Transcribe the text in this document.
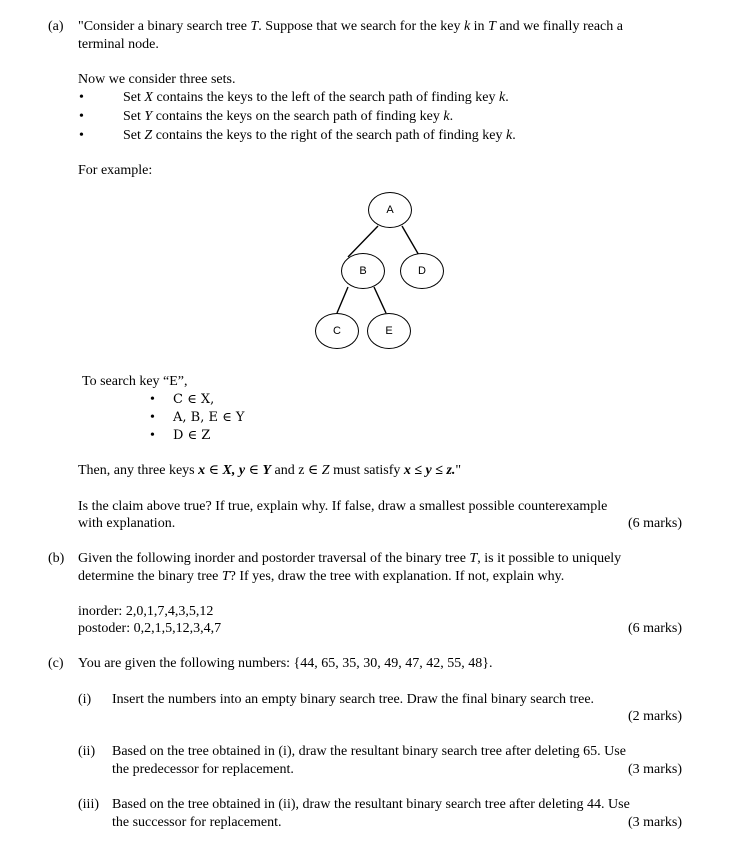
(a) "Consider a binary search tree T. Suppose that we search for the key k in T and we finally reach a
terminal node.
Now we consider three sets.
•	Set X contains the keys to the left of the search path of finding key k.
•	Set Y contains the keys on the search path of finding key k.
•	Set Z contains the keys to the right of the search path of finding key k.
For example:
A
B	D
C	E
To search key “E”,
• C ∈ X,
• A, B, E ∈ Y
• D ∈ Z
Then, any three keys x ∈ X, y ∈ Y and z ∈ Z must satisfy x ≤ y ≤ z."
Is the claim above true? If true, explain why. If false, draw a smallest possible counterexample
with explanation.	(6 marks)
(b) Given the following inorder and postorder traversal of the binary tree T, is it possible to uniquely
determine the binary tree T? If yes, draw the tree with explanation. If not, explain why.
inorder: 2,0,1,7,4,3,5,12
postoder: 0,2,1,5,12,3,4,7	(6 marks)
(c) You are given the following numbers: {44, 65, 35, 30, 49, 47, 42, 55, 48}.
(i) Insert the numbers into an empty binary search tree. Draw the final binary search tree.
(2 marks)
(ii) Based on the tree obtained in (i), draw the resultant binary search tree after deleting 65. Use
the predecessor for replacement.	(3 marks)
(iii) Based on the tree obtained in (ii), draw the resultant binary search tree after deleting 44. Use
the successor for replacement.	(3 marks)
